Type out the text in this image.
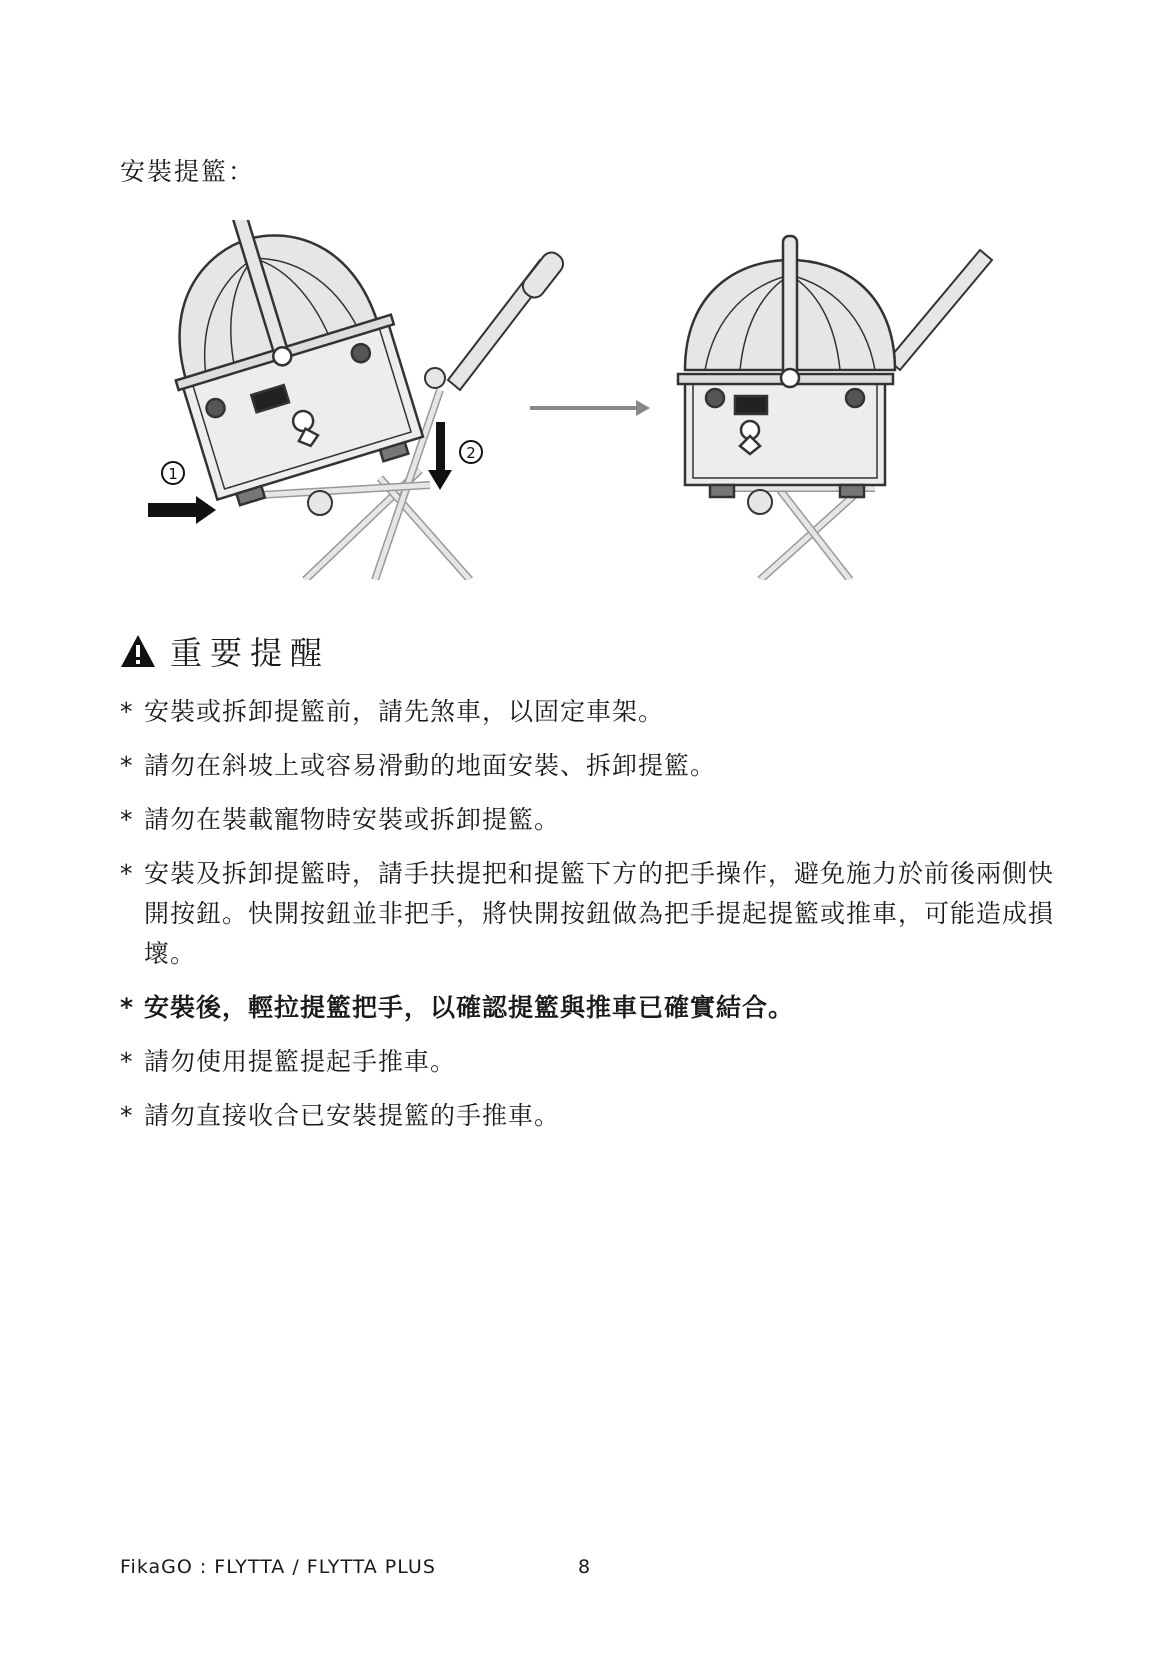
安裝提籃：
1
2
重要提醒
* 安裝或拆卸提籃前，請先煞車，以固定車架。
* 請勿在斜坡上或容易滑動的地面安裝、拆卸提籃。
* 請勿在裝載寵物時安裝或拆卸提籃。
* 安裝及拆卸提籃時，請手扶提把和提籃下方的把手操作，避免施力於前後兩側快開按鈕。快開按鈕並非把手，將快開按鈕做為把手提起提籃或推車，可能造成損壞。
* 安裝後，輕拉提籃把手，以確認提籃與推車已確實結合。
* 請勿使用提籃提起手推車。
* 請勿直接收合已安裝提籃的手推車。
FikaGO : FLYTTA / FLYTTA PLUS	8
